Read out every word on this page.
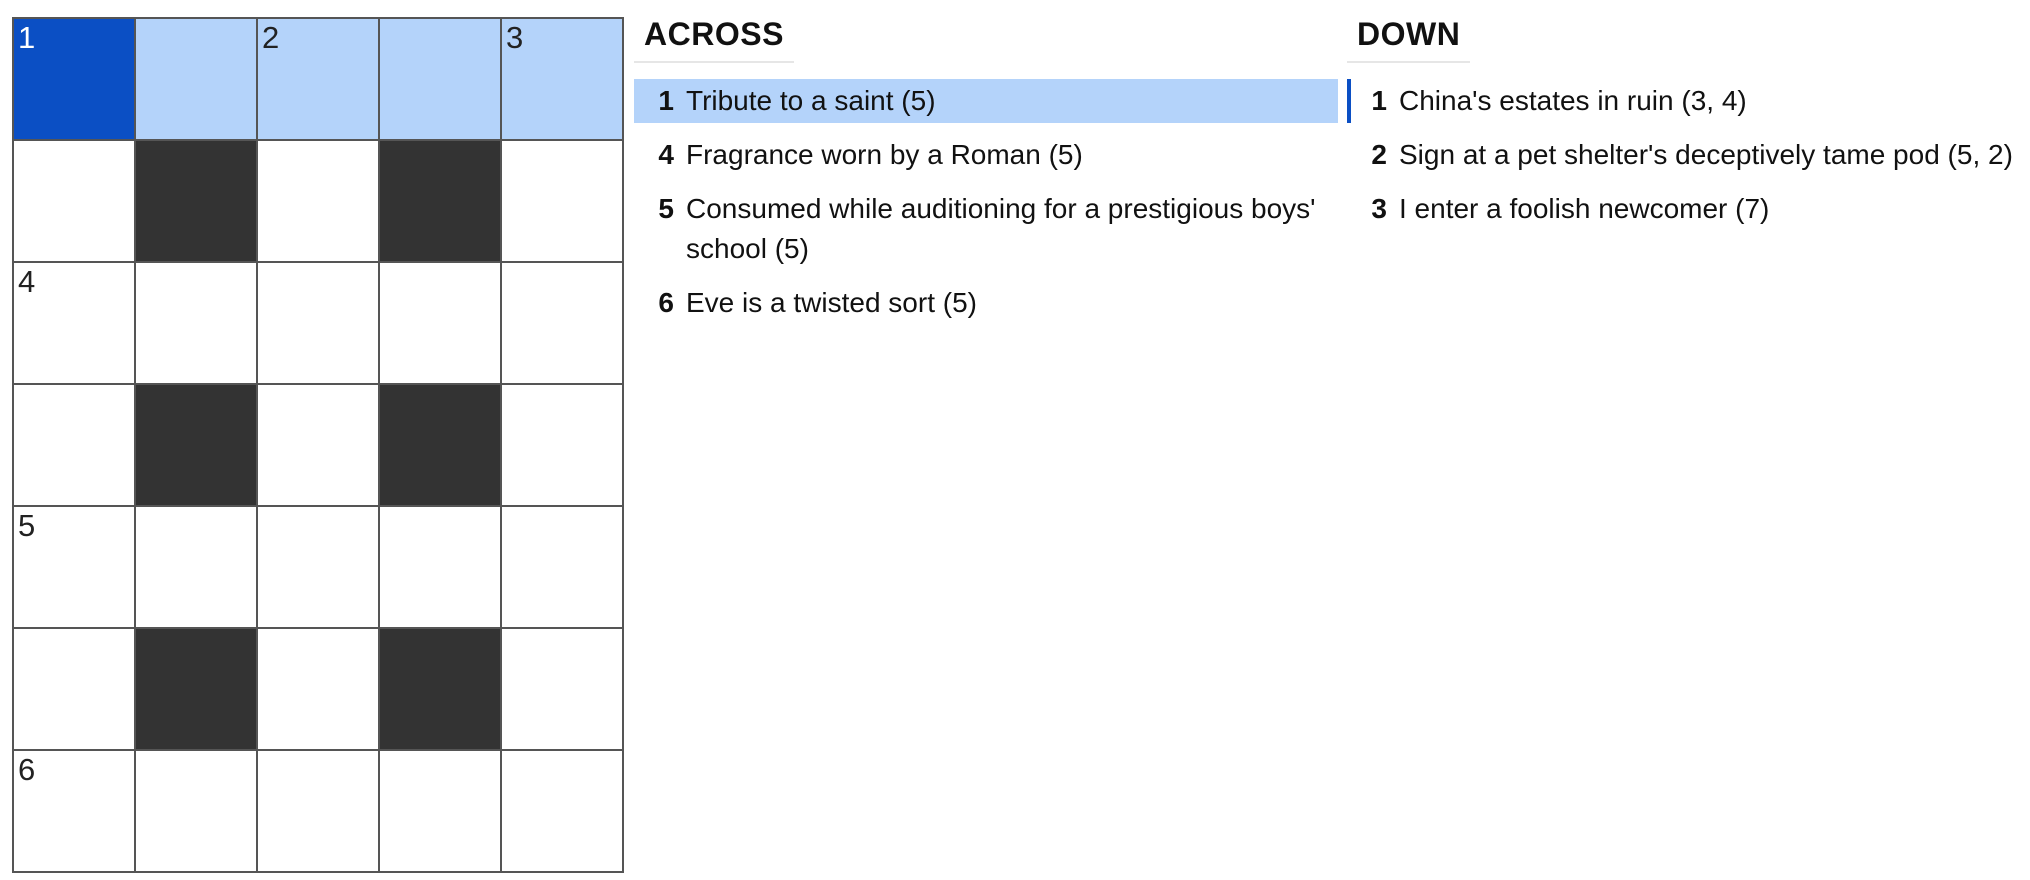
1	2	3
4
5
6
ACROSS
1 Tribute to a saint (5)
4 Fragrance worn by a Roman (5)
5 Consumed while auditioning for a prestigious boys' school (5)
6 Eve is a twisted sort (5)
DOWN
1 China's estates in ruin (3, 4)
2 Sign at a pet shelter's deceptively tame pod (5, 2)
3 I enter a foolish newcomer (7)
